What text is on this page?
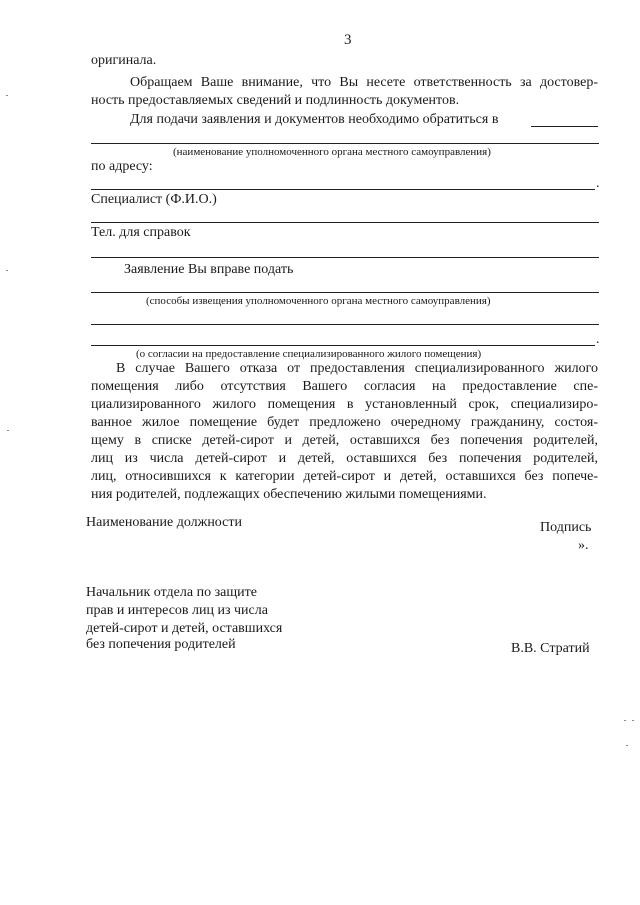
3
оригинала.
Обращаем Ваше внимание, что Вы несете ответственность за достовер-
ность предоставляемых сведений и подлинность документов.
Для подачи заявления и документов необходимо обратиться в
(наименование уполномоченного органа местного самоуправления)
по адресу:
.
Специалист (Ф.И.О.)
Тел. для справок
Заявление Вы вправе подать
(способы извещения уполномоченного органа местного самоуправления)
.
(о согласии на предоставление специализированного жилого помещения)
В случае Вашего отказа от предоставления специализированного жилого
помещения либо отсутствия Вашего согласия на предоставление спе-
циализированного жилого помещения в установленный срок, специализиро-
ванное жилое помещение будет предложено очередному гражданину, состоя-
щему в списке детей-сирот и детей, оставшихся без попечения родителей,
лиц из числа детей-сирот и детей, оставшихся без попечения родителей,
лиц, относившихся к категории детей-сирот и детей, оставшихся без попече-
ния родителей, подлежащих обеспечению жилыми помещениями.
Наименование должности	Подпись
».
Начальник отдела по защите
прав и интересов лиц из числа
детей-сирот и детей, оставшихся
без попечения родителей	В.В. Стратий
